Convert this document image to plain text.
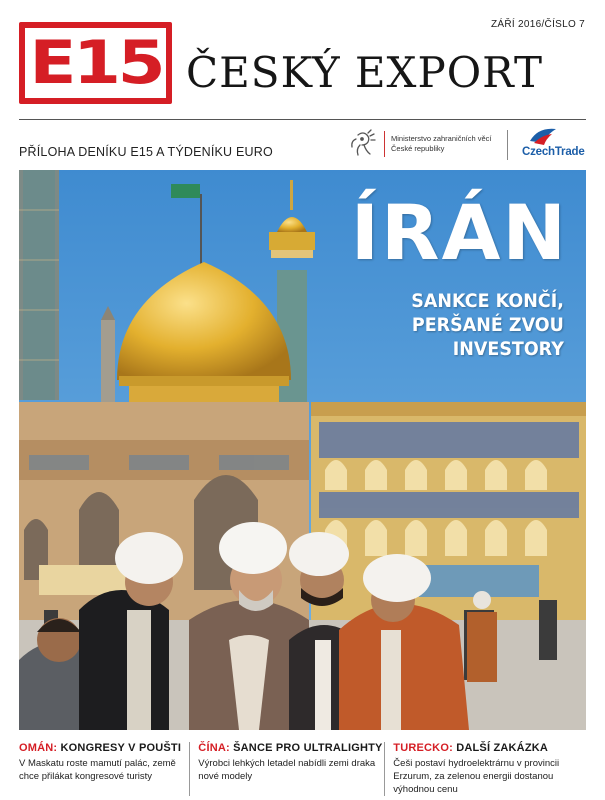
E15 ČESKÝ EXPORT
ZÁŘÍ 2016/ČÍSLO 7
PŘÍLOHA DENÍKU E15 A TÝDENÍKU EURO
Ministerstvo zahraničních věcí
České republiky	CzechTrade
ÍRÁN
SANKCE KONČÍ,
PERŠANÉ ZVOU
INVESTORY
OMÁN: KONGRESY V POUŠTI
V Maskatu roste mamutí palác, země chce přilákat kongresové turisty
ČÍNA: ŠANCE PRO ULTRALIGHTY
Výrobci lehkých letadel nabídli zemi draka nové modely
TURECKO: DALŠÍ ZAKÁZKA
Češi postaví hydroelektrárnu v provincii Erzurum, za zelenou energii dostanou výhodnou cenu
